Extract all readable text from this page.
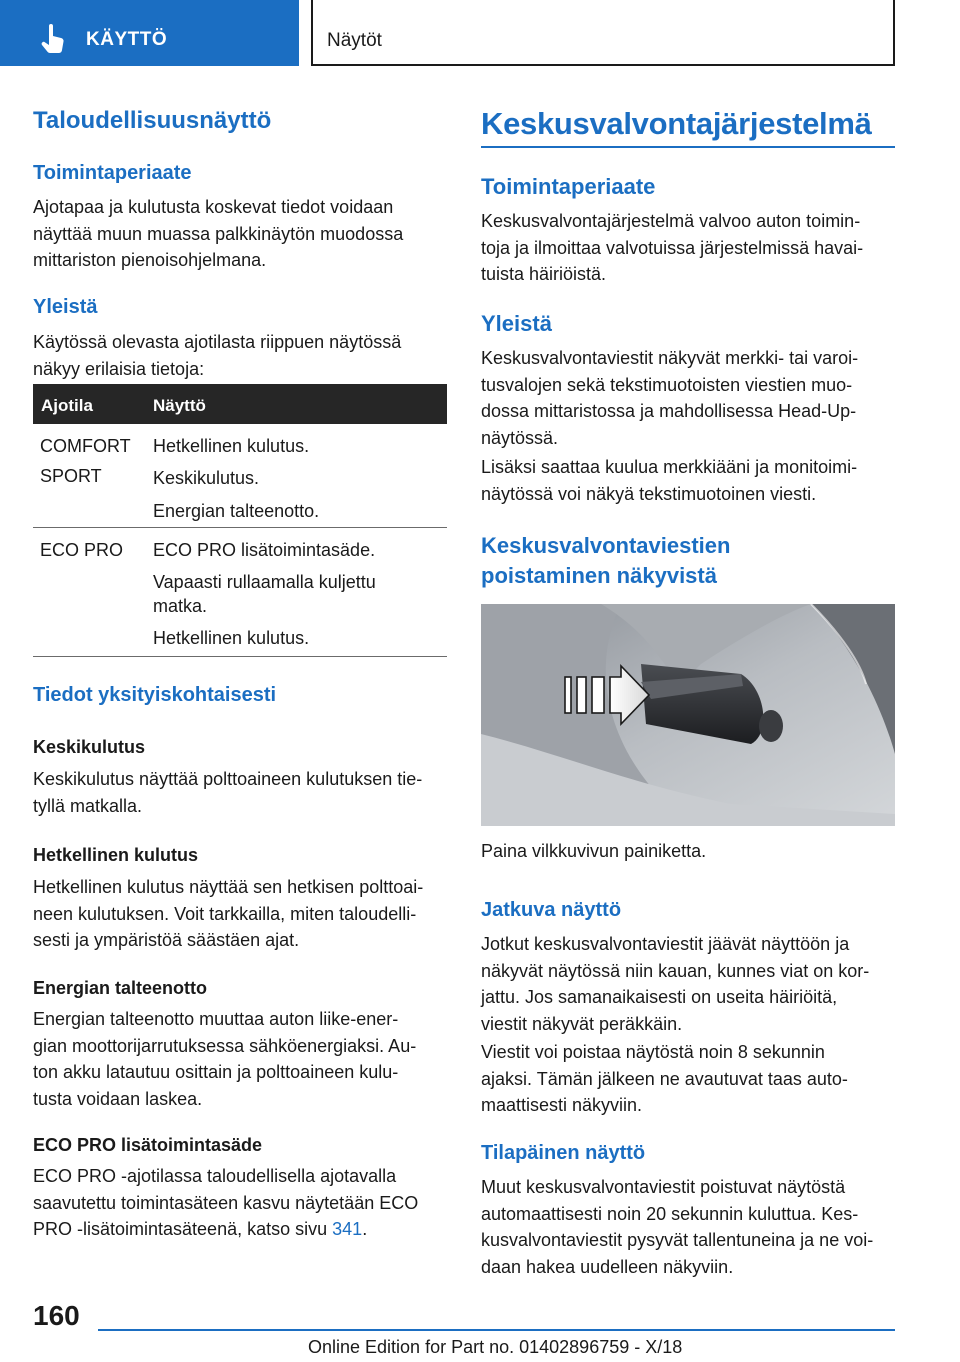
KÄYTTÖ	Näytöt
Taloudellisuusnäyttö
Toimintaperiaate
Ajotapaa ja kulutusta koskevat tiedot voidaan
näyttää muun muassa palkkinäytön muodossa
mittariston pienoisohjelmana.
Yleistä
Käytössä olevasta ajotilasta riippuen näytössä
näkyy erilaisia tietoja:
Ajotila	Näyttö
COMFORT
SPORT
Hetkellinen kulutus.
Keskikulutus.
Energian talteenotto.
ECO PRO ECO PRO lisätoimintasäde.
Vapaasti rullaamalla kuljettu
matka.
Hetkellinen kulutus.
Tiedot yksityiskohtaisesti
Keskikulutus
Keskikulutus näyttää polttoaineen kulutuksen tie-
tyllä matkalla.
Hetkellinen kulutus
Hetkellinen kulutus näyttää sen hetkisen polttoai-
neen kulutuksen. Voit tarkkailla, miten taloudelli-
sesti ja ympäristöä säästäen ajat.
Energian talteenotto
Energian talteenotto muuttaa auton liike-ener-
gian moottorijarrutuksessa sähköenergiaksi. Au-
ton akku latautuu osittain ja polttoaineen kulu-
tusta voidaan laskea.
ECO PRO lisätoimintasäde
ECO PRO -ajotilassa taloudellisella ajotavalla
saavutettu toimintasäteen kasvu näytetään ECO
PRO -lisätoimintasäteenä, katso sivu 341.
Keskusvalvontajärjestelmä
Toimintaperiaate
Keskusvalvontajärjestelmä valvoo auton toimin-
toja ja ilmoittaa valvotuissa järjestelmissä havai-
tuista häiriöistä.
Yleistä
Keskusvalvontaviestit näkyvät merkki- tai varoi-
tusvalojen sekä tekstimuotoisten viestien muo-
dossa mittaristossa ja mahdollisessa Head-Up-
näytössä.
Lisäksi saattaa kuulua merkkiääni ja monitoimi-
näytössä voi näkyä tekstimuotoinen viesti.
Keskusvalvontaviestien
poistaminen näkyvistä
Paina vilkkuvivun painiketta.
Jatkuva näyttö
Jotkut keskusvalvontaviestit jäävät näyttöön ja
näkyvät näytössä niin kauan, kunnes viat on kor-
jattu. Jos samanaikaisesti on useita häiriöitä,
viestit näkyvät peräkkäin.
Viestit voi poistaa näytöstä noin 8 sekunnin
ajaksi. Tämän jälkeen ne avautuvat taas auto-
maattisesti näkyviin.
Tilapäinen näyttö
Muut keskusvalvontaviestit poistuvat näytöstä
automaattisesti noin 20 sekunnin kuluttua. Kes-
kusvalvontaviestit pysyvät tallentuneina ja ne voi-
daan hakea uudelleen näkyviin.
160
Online Edition for Part no. 01402896759 - X/18
